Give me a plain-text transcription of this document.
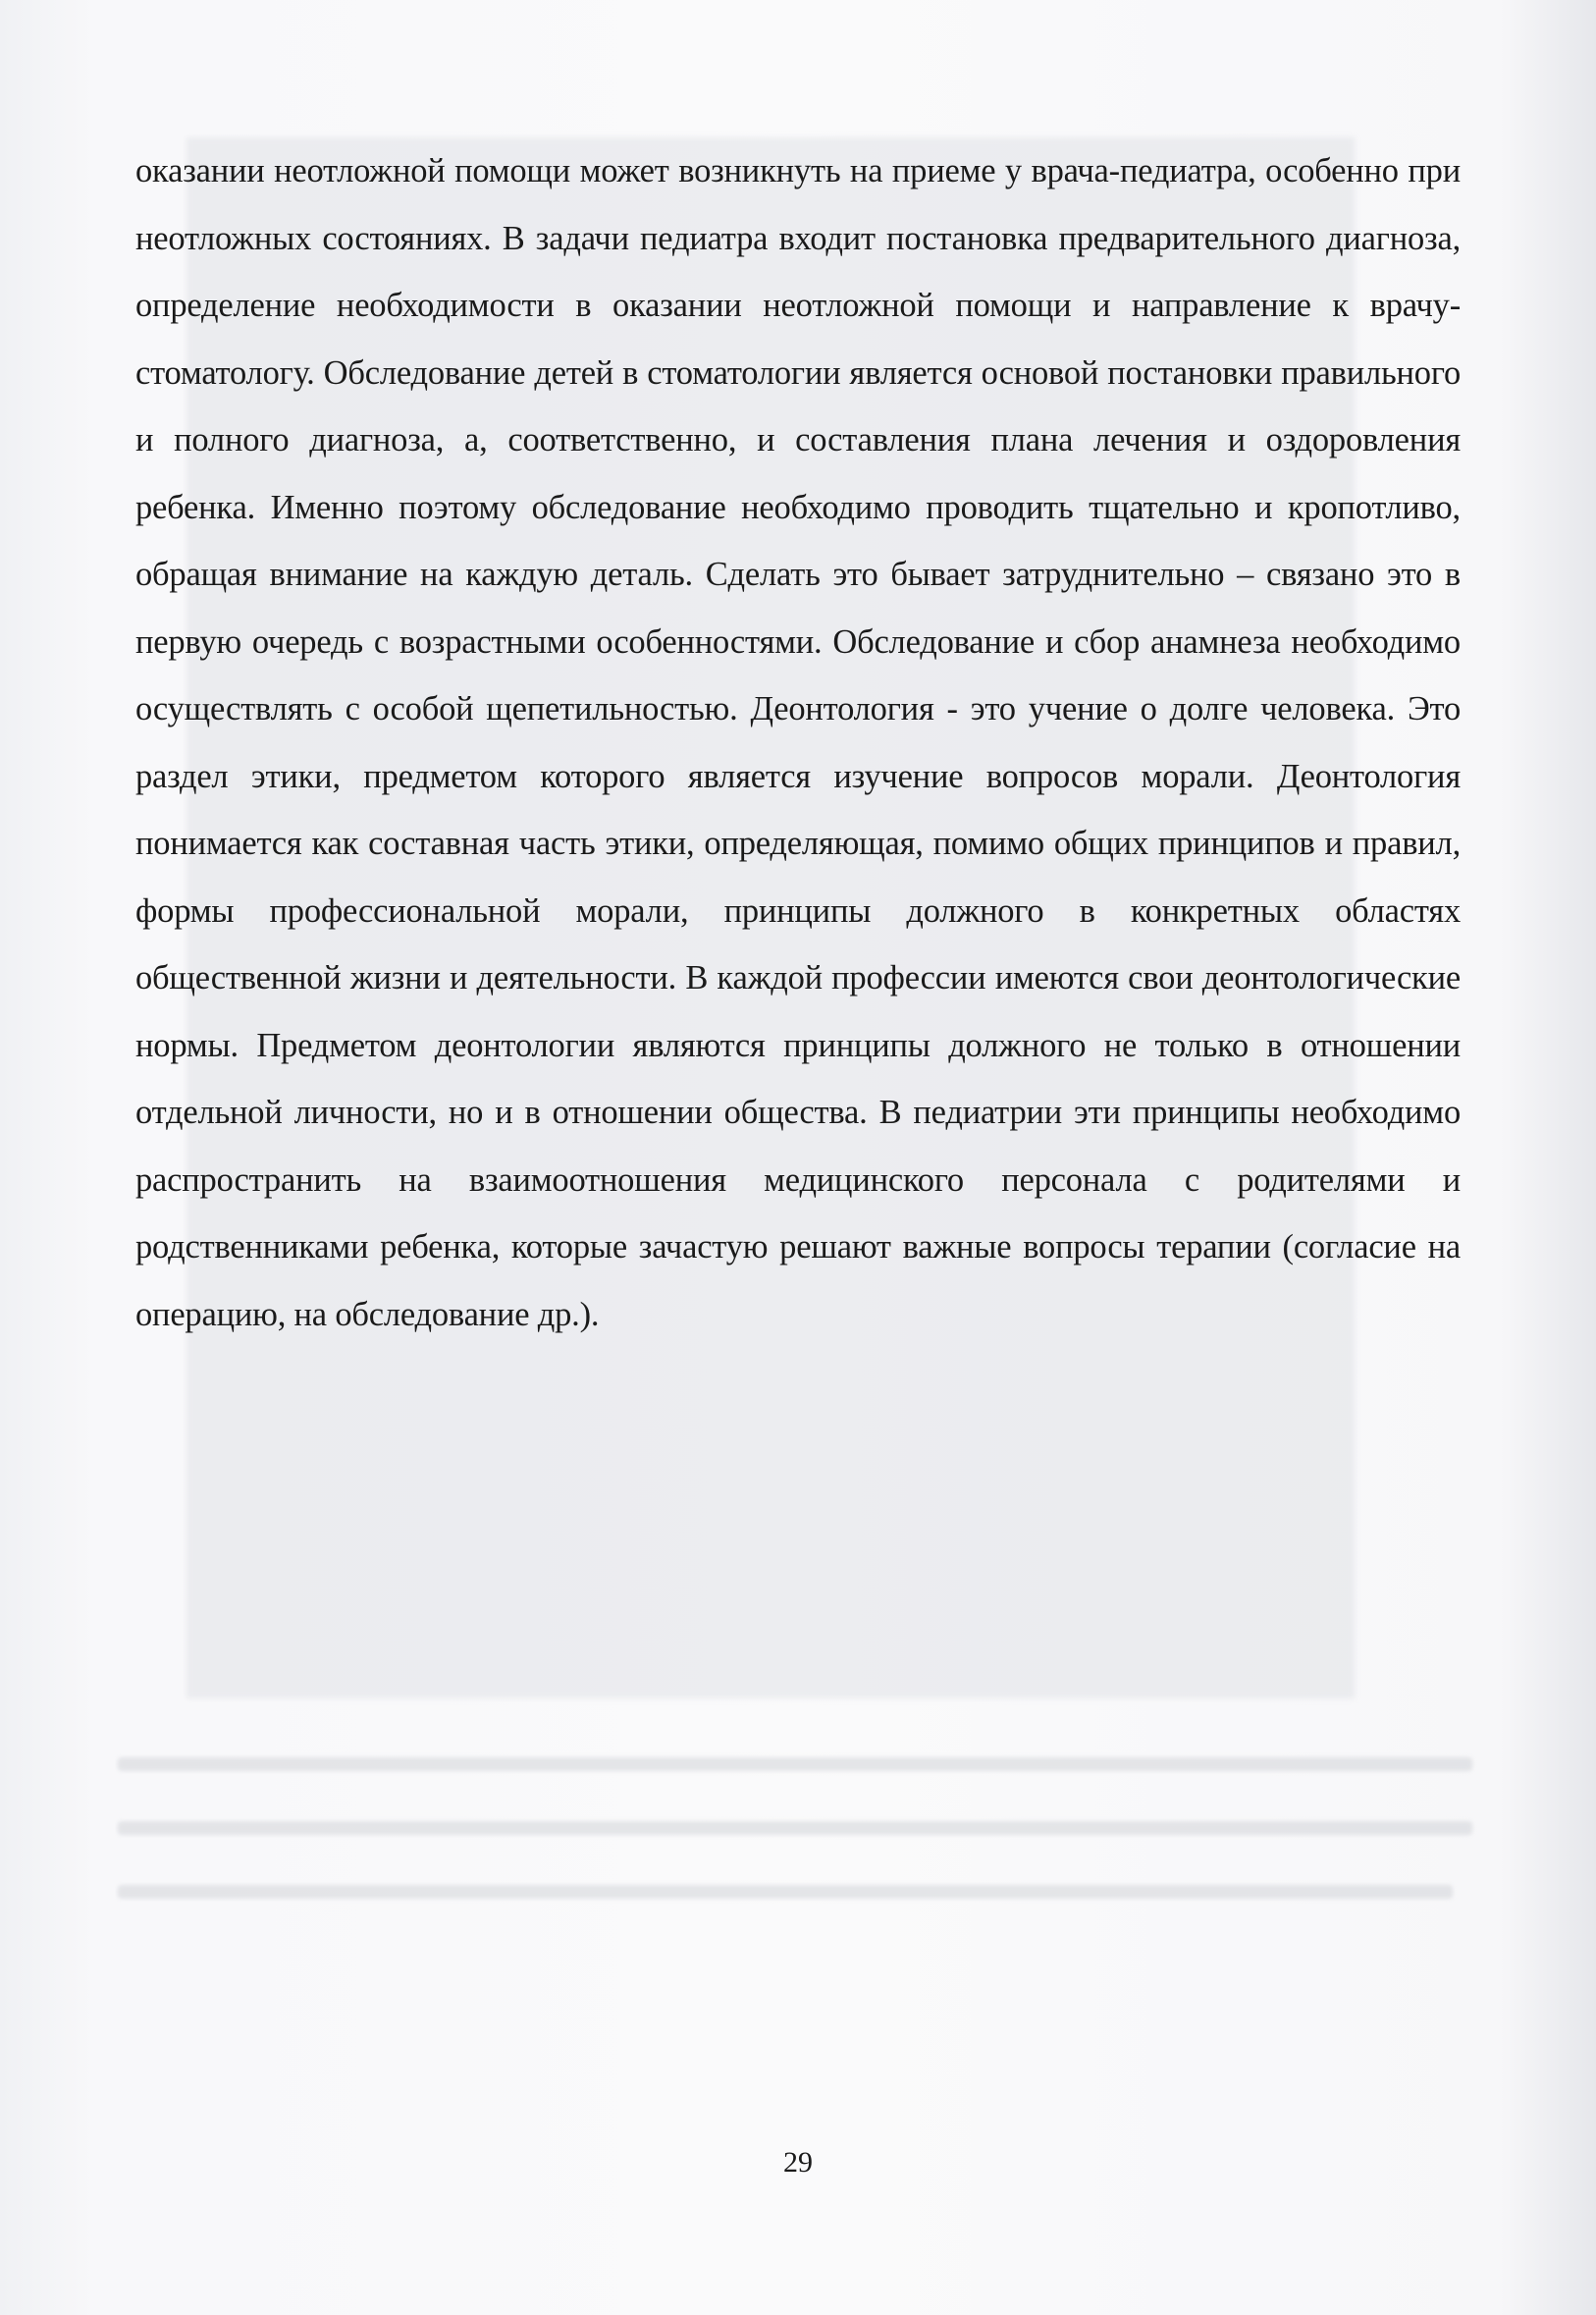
оказании неотложной помощи может возникнуть на приеме у врача-педиатра, особенно при неотложных состояниях. В задачи педиатра входит постановка предварительного диагноза, определение необходимости в оказании неотложной помощи и направление к врачу-стоматологу. Обследование детей в стоматологии является основой постановки правильного и полного диагноза, а, соответственно, и составления плана лечения и оздоровления ребенка. Именно поэтому обследование необходимо проводить тщательно и кропотливо, обращая внимание на каждую деталь. Сделать это бывает затруднительно – связано это в первую очередь с возрастными особенностями. Обследование и сбор анамнеза необходимо осуществлять с особой щепетильностью. Деонтология - это учение о долге человека. Это раздел этики, предметом которого является изучение вопросов морали. Деонтология понимается как составная часть этики, определяющая, помимо общих принципов и правил, формы профессиональной морали, принципы должного в конкретных областях общественной жизни и деятельности. В каждой профессии имеются свои деонтологические нормы. Предметом деонтологии являются принципы должного не только в отношении отдельной личности, но и в отношении общества. В педиатрии эти принципы необходимо распространить на взаимоотношения медицинского персонала с родителями и родственниками ребенка, которые зачастую решают важные вопросы терапии (согласие на операцию, на обследование др.).

29
